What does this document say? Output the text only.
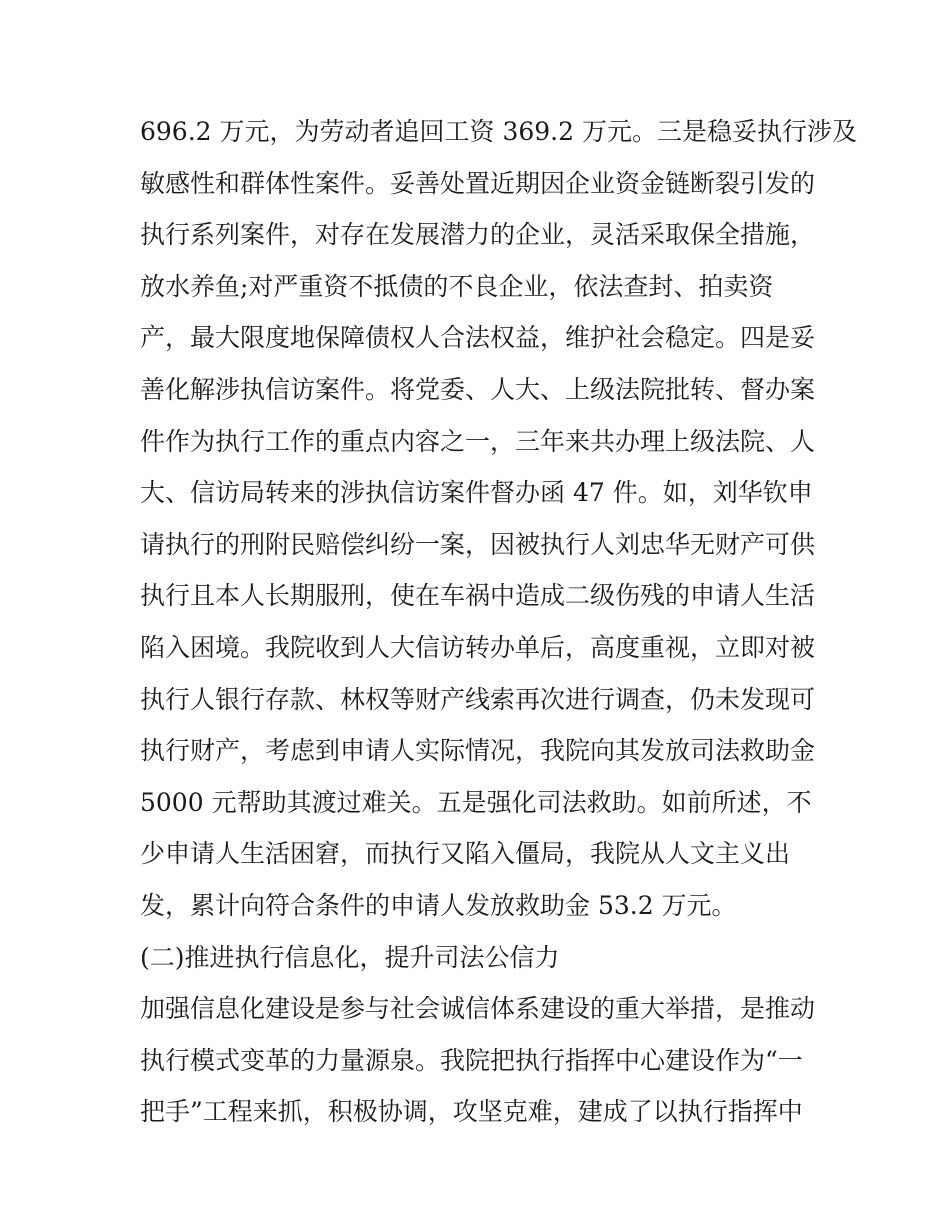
696.2 万元，为劳动者追回工资 369.2 万元。三是稳妥执行涉及
敏感性和群体性案件。妥善处置近期因企业资金链断裂引发的
执行系列案件，对存在发展潜力的企业，灵活采取保全措施，
放水养鱼;对严重资不抵债的不良企业，依法查封、拍卖资
产，最大限度地保障债权人合法权益，维护社会稳定。四是妥
善化解涉执信访案件。将党委、人大、上级法院批转、督办案
件作为执行工作的重点内容之一，三年来共办理上级法院、人
大、信访局转来的涉执信访案件督办函 47 件。如，刘华钦申
请执行的刑附民赔偿纠纷一案，因被执行人刘忠华无财产可供
执行且本人长期服刑，使在车祸中造成二级伤残的申请人生活
陷入困境。我院收到人大信访转办单后，高度重视，立即对被
执行人银行存款、林权等财产线索再次进行调查，仍未发现可
执行财产，考虑到申请人实际情况，我院向其发放司法救助金
5000 元帮助其渡过难关。五是强化司法救助。如前所述，不
少申请人生活困窘，而执行又陷入僵局，我院从人文主义出
发，累计向符合条件的申请人发放救助金 53.2 万元。
(二)推进执行信息化，提升司法公信力
加强信息化建设是参与社会诚信体系建设的重大举措，是推动
执行模式变革的力量源泉。我院把执行指挥中心建设作为“一
把手”工程来抓，积极协调，攻坚克难，建成了以执行指挥中
